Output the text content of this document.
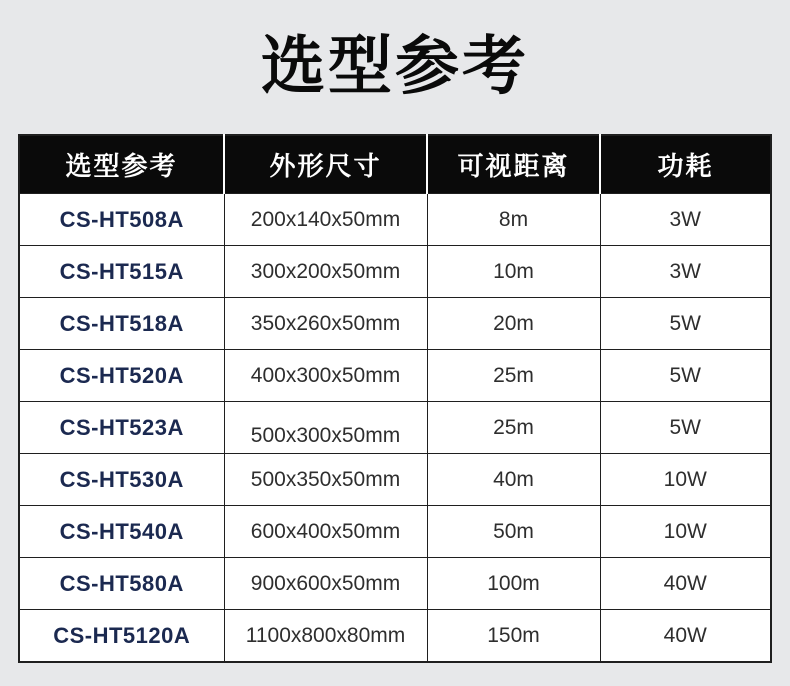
选型参考
选型参考	外形尺寸	可视距离	功耗
CS-HT508A	200x140x50mm	8m	3W
CS-HT515A	300x200x50mm	10m	3W
CS-HT518A	350x260x50mm	20m	5W
CS-HT520A	400x300x50mm	25m	5W
CS-HT523A	500x300x50mm	25m	5W
CS-HT530A	500x350x50mm	40m	10W
CS-HT540A	600x400x50mm	50m	10W
CS-HT580A	900x600x50mm	100m	40W
CS-HT5120A	1100x800x80mm	150m	40W
